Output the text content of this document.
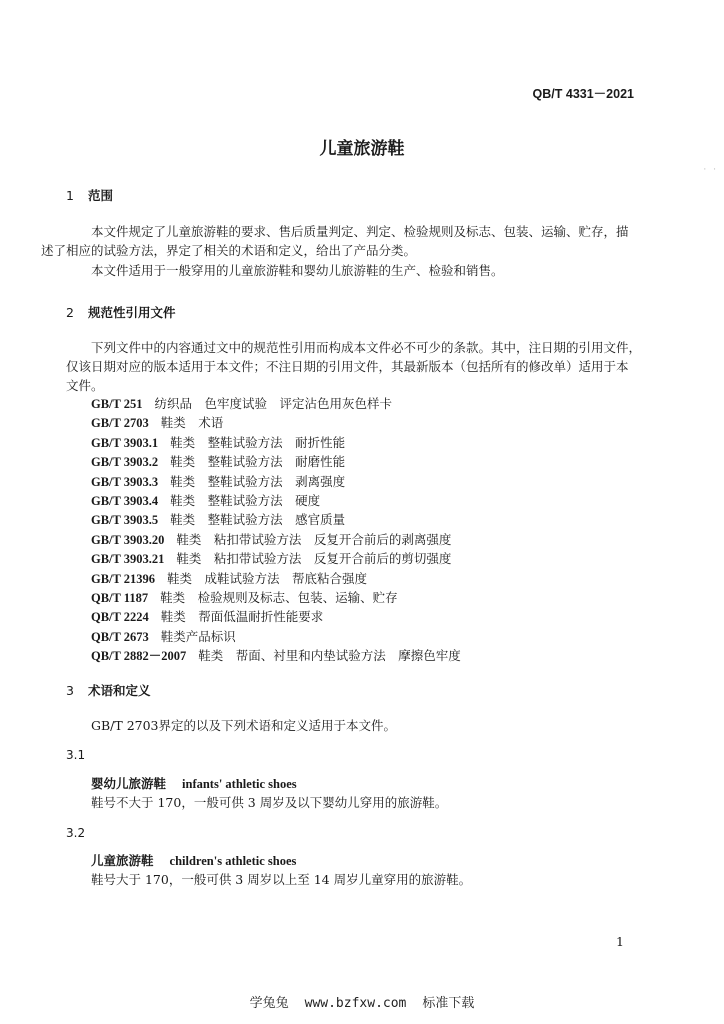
QB/T 4331－2021
· ·
儿童旅游鞋
1 范围
本文件规定了儿童旅游鞋的要求、售后质量判定、判定、检验规则及标志、包装、运输、贮存，描
述了相应的试验方法，界定了相关的术语和定义，给出了产品分类。
本文件适用于一般穿用的儿童旅游鞋和婴幼儿旅游鞋的生产、检验和销售。
2 规范性引用文件
下列文件中的内容通过文中的规范性引用而构成本文件必不可少的条款。其中，注日期的引用文件，
仅该日期对应的版本适用于本文件；不注日期的引用文件，其最新版本（包括所有的修改单）适用于本
文件。
GB/T 251 纺织品　色牢度试验　评定沾色用灰色样卡
GB/T 2703 鞋类　术语
GB/T 3903.1 鞋类　整鞋试验方法　耐折性能
GB/T 3903.2 鞋类　整鞋试验方法　耐磨性能
GB/T 3903.3 鞋类　整鞋试验方法　剥离强度
GB/T 3903.4 鞋类　整鞋试验方法　硬度
GB/T 3903.5 鞋类　整鞋试验方法　感官质量
GB/T 3903.20 鞋类　粘扣带试验方法　反复开合前后的剥离强度
GB/T 3903.21 鞋类　粘扣带试验方法　反复开合前后的剪切强度
GB/T 21396 鞋类　成鞋试验方法　帮底粘合强度
QB/T 1187 鞋类　检验规则及标志、包装、运输、贮存
QB/T 2224 鞋类　帮面低温耐折性能要求
QB/T 2673 鞋类产品标识
QB/T 2882－2007 鞋类　帮面、衬里和内垫试验方法　摩擦色牢度
3 术语和定义
GB/T 2703界定的以及下列术语和定义适用于本文件。
3.1
婴幼儿旅游鞋 infants' athletic shoes
鞋号不大于 170，一般可供 3 周岁及以下婴幼儿穿用的旅游鞋。
3.2
儿童旅游鞋 children's athletic shoes
鞋号大于 170，一般可供 3 周岁以上至 14 周岁儿童穿用的旅游鞋。
1
学兔兔 www.bzfxw.com 标准下载
